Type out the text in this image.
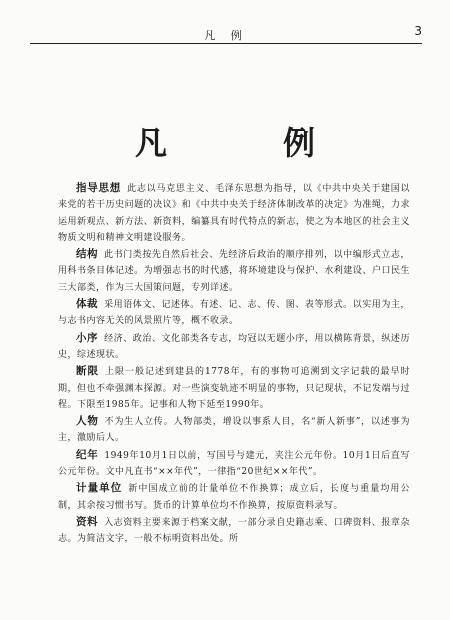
凡 例	3
凡　例

指导思想 此志以马克思主义、毛泽东思想为指导，以《中共中央关于建国以来党的若干历史问题的决议》和《中共中央关于经济体制改革的决定》为准绳，力求运用新观点、新方法、新资料，编纂具有时代特点的新志，使之为本地区的社会主义物质文明和精神文明建设服务。

结构 此书门类按先自然后社会、先经济后政治的顺序排列，以中编形式立志，用科书条目体记述。为增强志书的时代感，将环境建设与保护、水利建设、户口民生三大部类，作为三大国策问题，专列详述。

体裁 采用语体文、记述体。有述、记、志、传、图、表等形式。以实用为主，与志书内容无关的风景照片等，概不收录。

小序 经济、政治、文化部类各专志，均冠以无题小序，用以横陈背景，纵述历史，综述现状。

断限 上限一般记述到建县的1778年，有的事物可追溯到文字记载的最早时期，但也不牵强渊本探源。对一些演变轨迹不明显的事物，只记现状，不记发端与过程。下限至1985年。记事和人物下延至1990年。

人物 不为生人立传。人物部类，增设以事系人目，名“新人新事”，以述事为主，激励后人。

纪年 1949年10月1日以前，写国号与建元，夹注公元年份。10月1日后直写公元年份。文中凡直书“××年代”，一律指“20世纪××年代”。

计量单位 新中国成立前的计量单位不作换算；成立后，长度与重量均用公制，其余按习惯书写。货币的计算单位均不作换算，按原资料录写。

资料 入志资料主要来源于档案文献，一部分录自史籍志乘、口碑资料、报章杂志。为简洁文字，一般不标明资料出处。所
